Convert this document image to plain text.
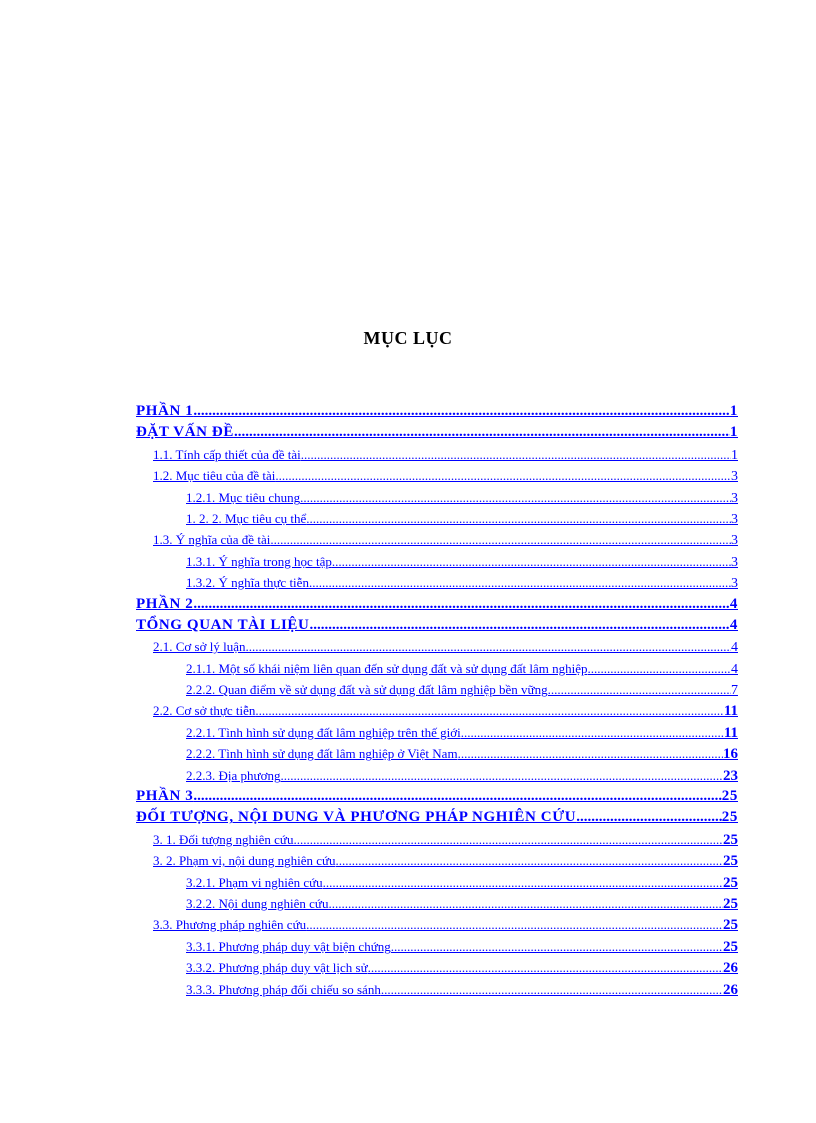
MỤC LỤC
PHẦN 1 .....	1
ĐẶT VẤN ĐỀ .....	1
1.1. Tính cấp thiết của đề tài .....	1
1.2. Mục tiêu của đề tài .....	3
1.2.1. Mục tiêu chung .....	3
1. 2. 2. Mục tiêu cụ thể .....	3
1.3. Ý nghĩa của đề tài .....	3
1.3.1. Ý nghĩa trong học tập .....	3
1.3.2. Ý nghĩa thực tiễn .....	3
PHẦN 2 .....	4
TỔNG QUAN TÀI LIỆU .....	4
2.1. Cơ sở lý luận .....	4
2.1.1. Một số khái niệm liên quan đến sử dụng đất và sử dụng đất lâm nghiệp .....	4
2.2.2. Quan điểm về sử dụng đất và sử dụng đất lâm nghiệp bền vững .....	7
2.2. Cơ sở thực tiễn .....	11
2.2.1. Tình hình sử dụng đất lâm nghiệp trên thế giới .....	11
2.2.2. Tình hình sử dụng đất lâm nghiệp ở Việt Nam .....	16
2.2.3. Địa phương .....	23
PHẦN 3 .....	25
ĐỐI TƯỢNG, NỘI DUNG VÀ PHƯƠNG PHÁP NGHIÊN CỨU .....	25
3. 1. Đối tượng nghiên cứu .....	25
3. 2. Phạm vi, nội dung nghiên cứu .....	25
3.2.1. Phạm vi nghiên cứu .....	25
3.2.2. Nội dung nghiên cứu .....	25
3.3. Phương pháp nghiên cứu .....	25
3.3.1. Phương pháp duy vật biện chứng .....	25
3.3.2. Phương pháp duy vật lịch sử .....	26
3.3.3. Phương pháp đối chiếu so sánh .....	26
